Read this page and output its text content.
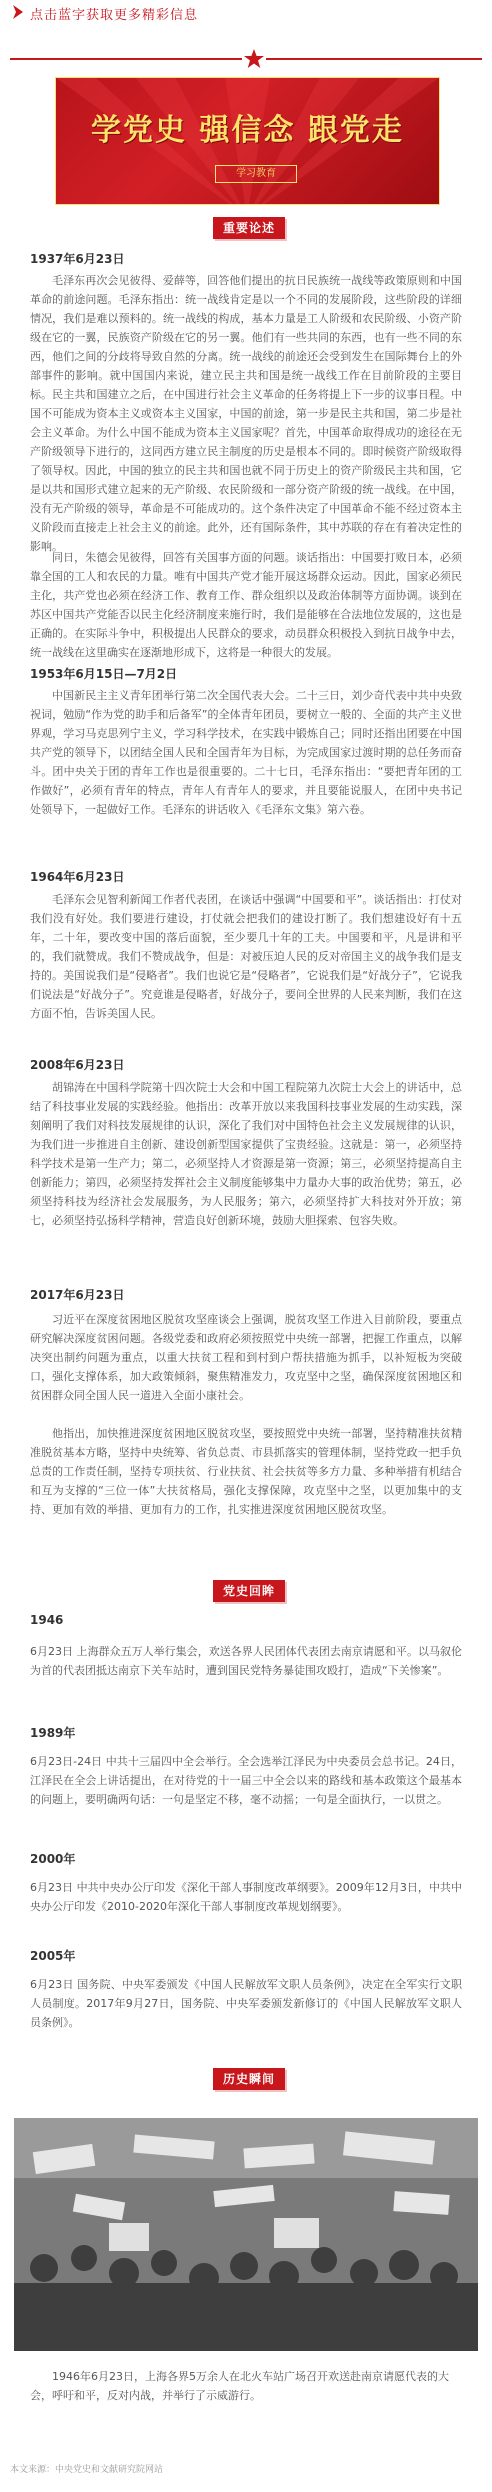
点击蓝字获取更多精彩信息
学党史 强信念 跟党走
学习教育
重要论述
1937年6月23日
毛泽东再次会见彼得、爱薛等，回答他们提出的抗日民族统一战线等政策原则和中国革命的前途问题。毛泽东指出：统一战线肯定是以一个不同的发展阶段，这些阶段的详细情况，我们是难以预料的。统一战线的构成，基本力量是工人阶级和农民阶级、小资产阶级在它的一翼，民族资产阶级在它的另一翼。他们有一些共同的东西，也有一些不同的东西，他们之间的分歧将导致自然的分离。统一战线的前途还会受到发生在国际舞台上的外部事件的影响。就中国国内来说，建立民主共和国是统一战线工作在目前阶段的主要目标。民主共和国建立之后，在中国进行社会主义革命的任务将提上下一步的议事日程。中国不可能成为资本主义或资本主义国家，中国的前途，第一步是民主共和国，第二步是社会主义革命。为什么中国不能成为资本主义国家呢？首先，中国革命取得成功的途径在无产阶级领导下进行的，这同西方建立民主制度的历史是根本不同的。即时候资产阶级取得了领导权。因此，中国的独立的民主共和国也就不同于历史上的资产阶级民主共和国，它是以共和国形式建立起来的无产阶级、农民阶级和一部分资产阶级的统一战线。在中国，没有无产阶级的领导，革命是不可能成功的。这个条件决定了中国革命不能不经过资本主义阶段而直接走上社会主义的前途。此外，还有国际条件，其中苏联的存在有着决定性的影响。
同日，朱德会见彼得，回答有关国事方面的问题。谈话指出：中国要打败日本，必须靠全国的工人和农民的力量。唯有中国共产党才能开展这场群众运动。因此，国家必须民主化，共产党也必须在经济工作、教育工作、群众组织以及政治体制等方面协调。谈到在苏区中国共产党能否以民主化经济制度来施行时，我们是能够在合法地位发展的，这也是正确的。在实际斗争中，积极提出人民群众的要求，动员群众积极投入到抗日战争中去，统一战线在这里确实在逐渐地形成下，这将是一种很大的发展。
1953年6月15日—7月2日
中国新民主主义青年团举行第二次全国代表大会。二十三日，刘少奇代表中共中央致祝词，勉励“作为党的助手和后备军”的全体青年团员，要树立一般的、全面的共产主义世界观，学习马克思列宁主义，学习科学技术，在实践中锻炼自己；同时还指出团要在中国共产党的领导下，以团结全国人民和全国青年为目标，为完成国家过渡时期的总任务而奋斗。团中央关于团的青年工作也是很重要的。二十七日，毛泽东指出：“要把青年团的工作做好”，必须有青年的特点，青年人有青年人的要求，并且要能说服人，在团中央书记处领导下，一起做好工作。毛泽东的讲话收入《毛泽东文集》第六卷。
1964年6月23日
毛泽东会见智利新闻工作者代表团，在谈话中强调“中国要和平”。谈话指出：打仗对我们没有好处。我们要进行建设，打仗就会把我们的建设打断了。我们想建设好有十五年，二十年，要改变中国的落后面貌，至少要几十年的工夫。中国要和平，凡是讲和平的，我们就赞成。我们不赞成战争，但是：对被压迫人民的反对帝国主义的战争我们是支持的。美国说我们是“侵略者”。我们也说它是“侵略者”，它说我们是“好战分子”，它说我们说法是“好战分子”。究竟谁是侵略者，好战分子，要问全世界的人民来判断，我们在这方面不怕，告诉美国人民。
2008年6月23日
胡锦涛在中国科学院第十四次院士大会和中国工程院第九次院士大会上的讲话中，总结了科技事业发展的实践经验。他指出：改革开放以来我国科技事业发展的生动实践，深刻阐明了我们对科技发展规律的认识，深化了我们对中国特色社会主义发展规律的认识，为我们进一步推进自主创新、建设创新型国家提供了宝贵经验。这就是：第一，必须坚持科学技术是第一生产力；第二，必须坚持人才资源是第一资源；第三，必须坚持提高自主创新能力；第四，必须坚持发挥社会主义制度能够集中力量办大事的政治优势；第五，必须坚持科技为经济社会发展服务，为人民服务；第六，必须坚持扩大科技对外开放；第七，必须坚持弘扬科学精神，营造良好创新环境，鼓励大胆探索、包容失败。
2017年6月23日
习近平在深度贫困地区脱贫攻坚座谈会上强调，脱贫攻坚工作进入目前阶段，要重点研究解决深度贫困问题。各级党委和政府必须按照党中央统一部署，把握工作重点，以解决突出制约问题为重点，以重大扶贫工程和到村到户帮扶措施为抓手，以补短板为突破口，强化支撑体系，加大政策倾斜，聚焦精准发力，攻克坚中之坚，确保深度贫困地区和贫困群众同全国人民一道进入全面小康社会。
他指出，加快推进深度贫困地区脱贫攻坚，要按照党中央统一部署，坚持精准扶贫精准脱贫基本方略，坚持中央统筹、省负总责、市县抓落实的管理体制，坚持党政一把手负总责的工作责任制，坚持专项扶贫、行业扶贫、社会扶贫等多方力量、多种举措有机结合和互为支撑的“三位一体”大扶贫格局，强化支撑保障，攻克坚中之坚，以更加集中的支持、更加有效的举措、更加有力的工作，扎实推进深度贫困地区脱贫攻坚。
党史回眸
1946
6月23日 上海群众五万人举行集会，欢送各界人民团体代表团去南京请愿和平。以马叙伦为首的代表团抵达南京下关车站时，遭到国民党特务暴徒围攻殴打，造成“下关惨案”。
1989年
6月23日-24日 中共十三届四中全会举行。全会选举江泽民为中央委员会总书记。24日，江泽民在全会上讲话提出，在对待党的十一届三中全会以来的路线和基本政策这个最基本的问题上，要明确两句话：一句是坚定不移，毫不动摇；一句是全面执行，一以贯之。
2000年
6月23日 中共中央办公厅印发《深化干部人事制度改革纲要》。2009年12月3日，中共中央办公厅印发《2010-2020年深化干部人事制度改革规划纲要》。
2005年
6月23日 国务院、中央军委颁发《中国人民解放军文职人员条例》，决定在全军实行文职人员制度。2017年9月27日，国务院、中央军委颁发新修订的《中国人民解放军文职人员条例》。
历史瞬间
1946年6月23日，上海各界5万余人在北火车站广场召开欢送赴南京请愿代表的大会，呼吁和平，反对内战，并举行了示威游行。
本文来源：中央党史和文献研究院网站
